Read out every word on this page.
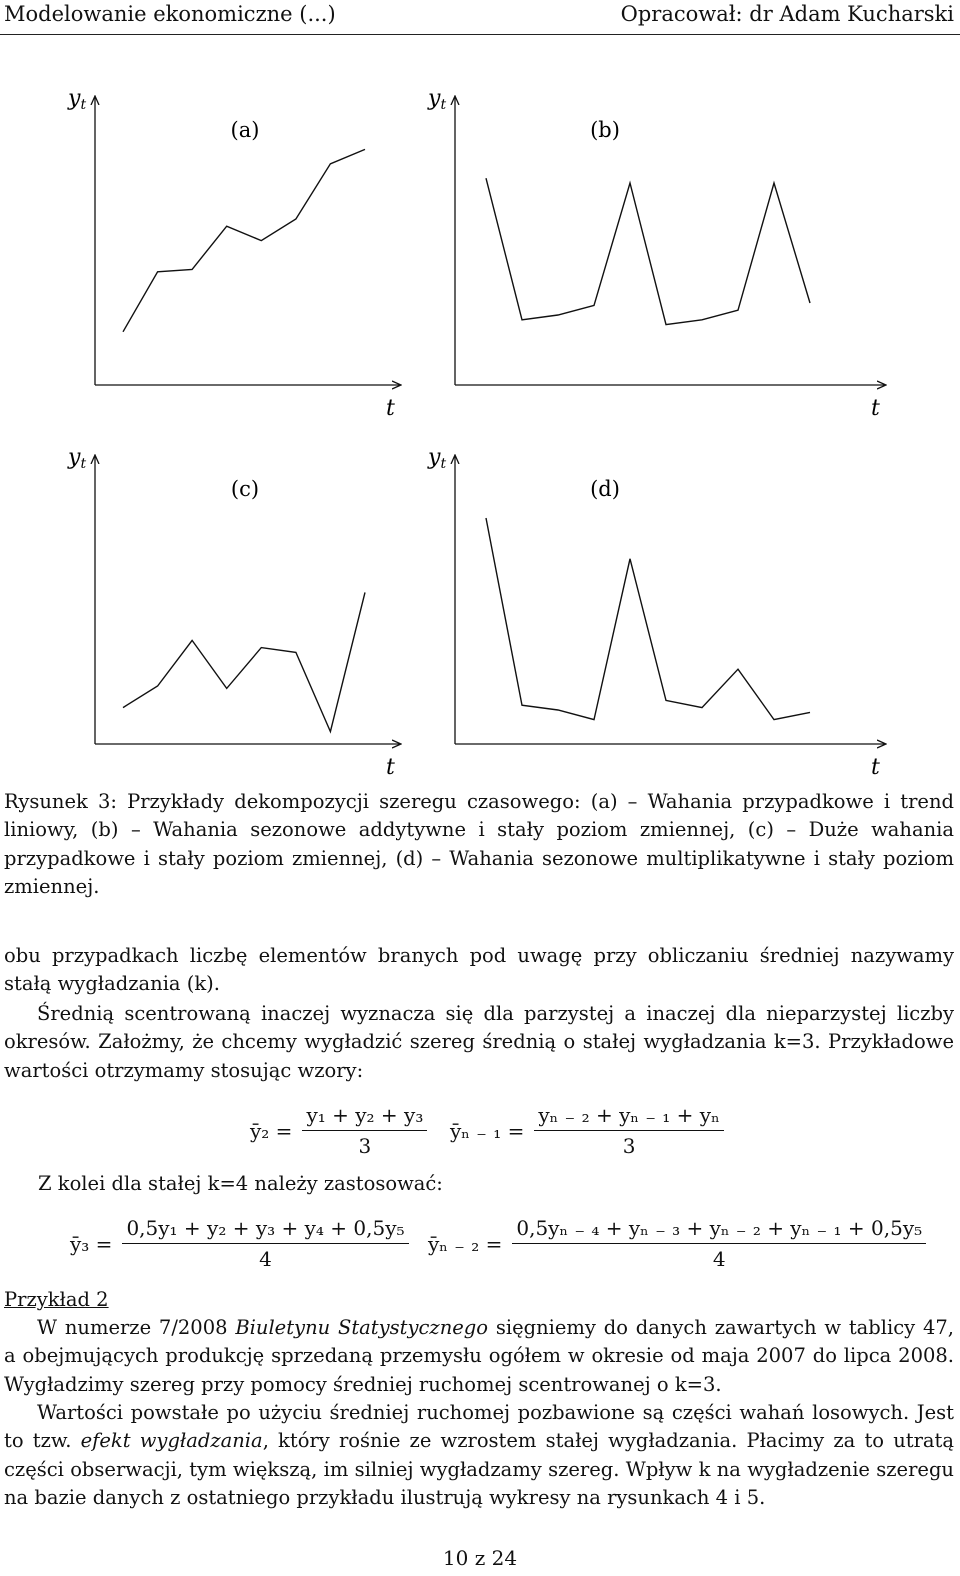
Modelowanie ekonomiczne (...)	Opracował: dr Adam Kucharski
yt
t
(a)
yt
t
(b)
yt
t
(c)
yt
t
(d)

Rysunek 3: Przykłady dekompozycji szeregu czasowego: (a) – Wahania przypadkowe i trend liniowy, (b) – Wahania sezonowe addytywne i stały poziom zmiennej, (c) – Duże wahania przypadkowe i stały poziom zmiennej, (d) – Wahania sezonowe multiplikatywne i stały poziom zmiennej.

obu przypadkach liczbę elementów branych pod uwagę przy obliczaniu średniej nazywamy stałą wygładzania (k).

Średnią scentrowaną inaczej wyznacza się dla parzystej a inaczej dla nieparzystej liczby okresów. Założmy, że chcemy wygładzić szereg średnią o stałej wygładzania k=3. Przykładowe wartości otrzymamy stosując wzory:

ȳ₂ = $\frac{\text{y₁ + y₂ + y₃}}{3}$ ȳₙ ₋ $_1 = \frac{\text{yₙ ₋ ₂ + yₙ ₋ ₁ + yₙ}}{3}$

Z kolei dla stałej k=4 należy zastosować:

ȳ₃ = $\frac{\text{0,5y₁ + y₂ + y₃ + y₄ + 0,5y₅}}{4}$ ȳₙ ₋ $_2 = \frac{\text{0,5yₙ ₋ ₄ + yₙ ₋ ₃ + yₙ ₋ ₂ + yₙ ₋ ₁ + 0,5y₅}}{4}$

Przykład 2

W numerze 7/2008 Biuletynu Statystycznego sięgniemy do danych zawartych w tablicy 47, a obejmujących produkcję sprzedaną przemysłu ogółem w okresie od maja 2007 do lipca 2008. Wygładzimy szereg przy pomocy średniej ruchomej scentrowanej o k=3.

Wartości powstałe po użyciu średniej ruchomej pozbawione są części wahań losowych. Jest to tzw. efekt wygładzania, który rośnie ze wzrostem stałej wygładzania. Płacimy za to utratą części obserwacji, tym większą, im silniej wygładzamy szereg. Wpływ k na wygładzenie szeregu na bazie danych z ostatniego przykładu ilustrują wykresy na rysunkach 4 i 5.

10 z 24
